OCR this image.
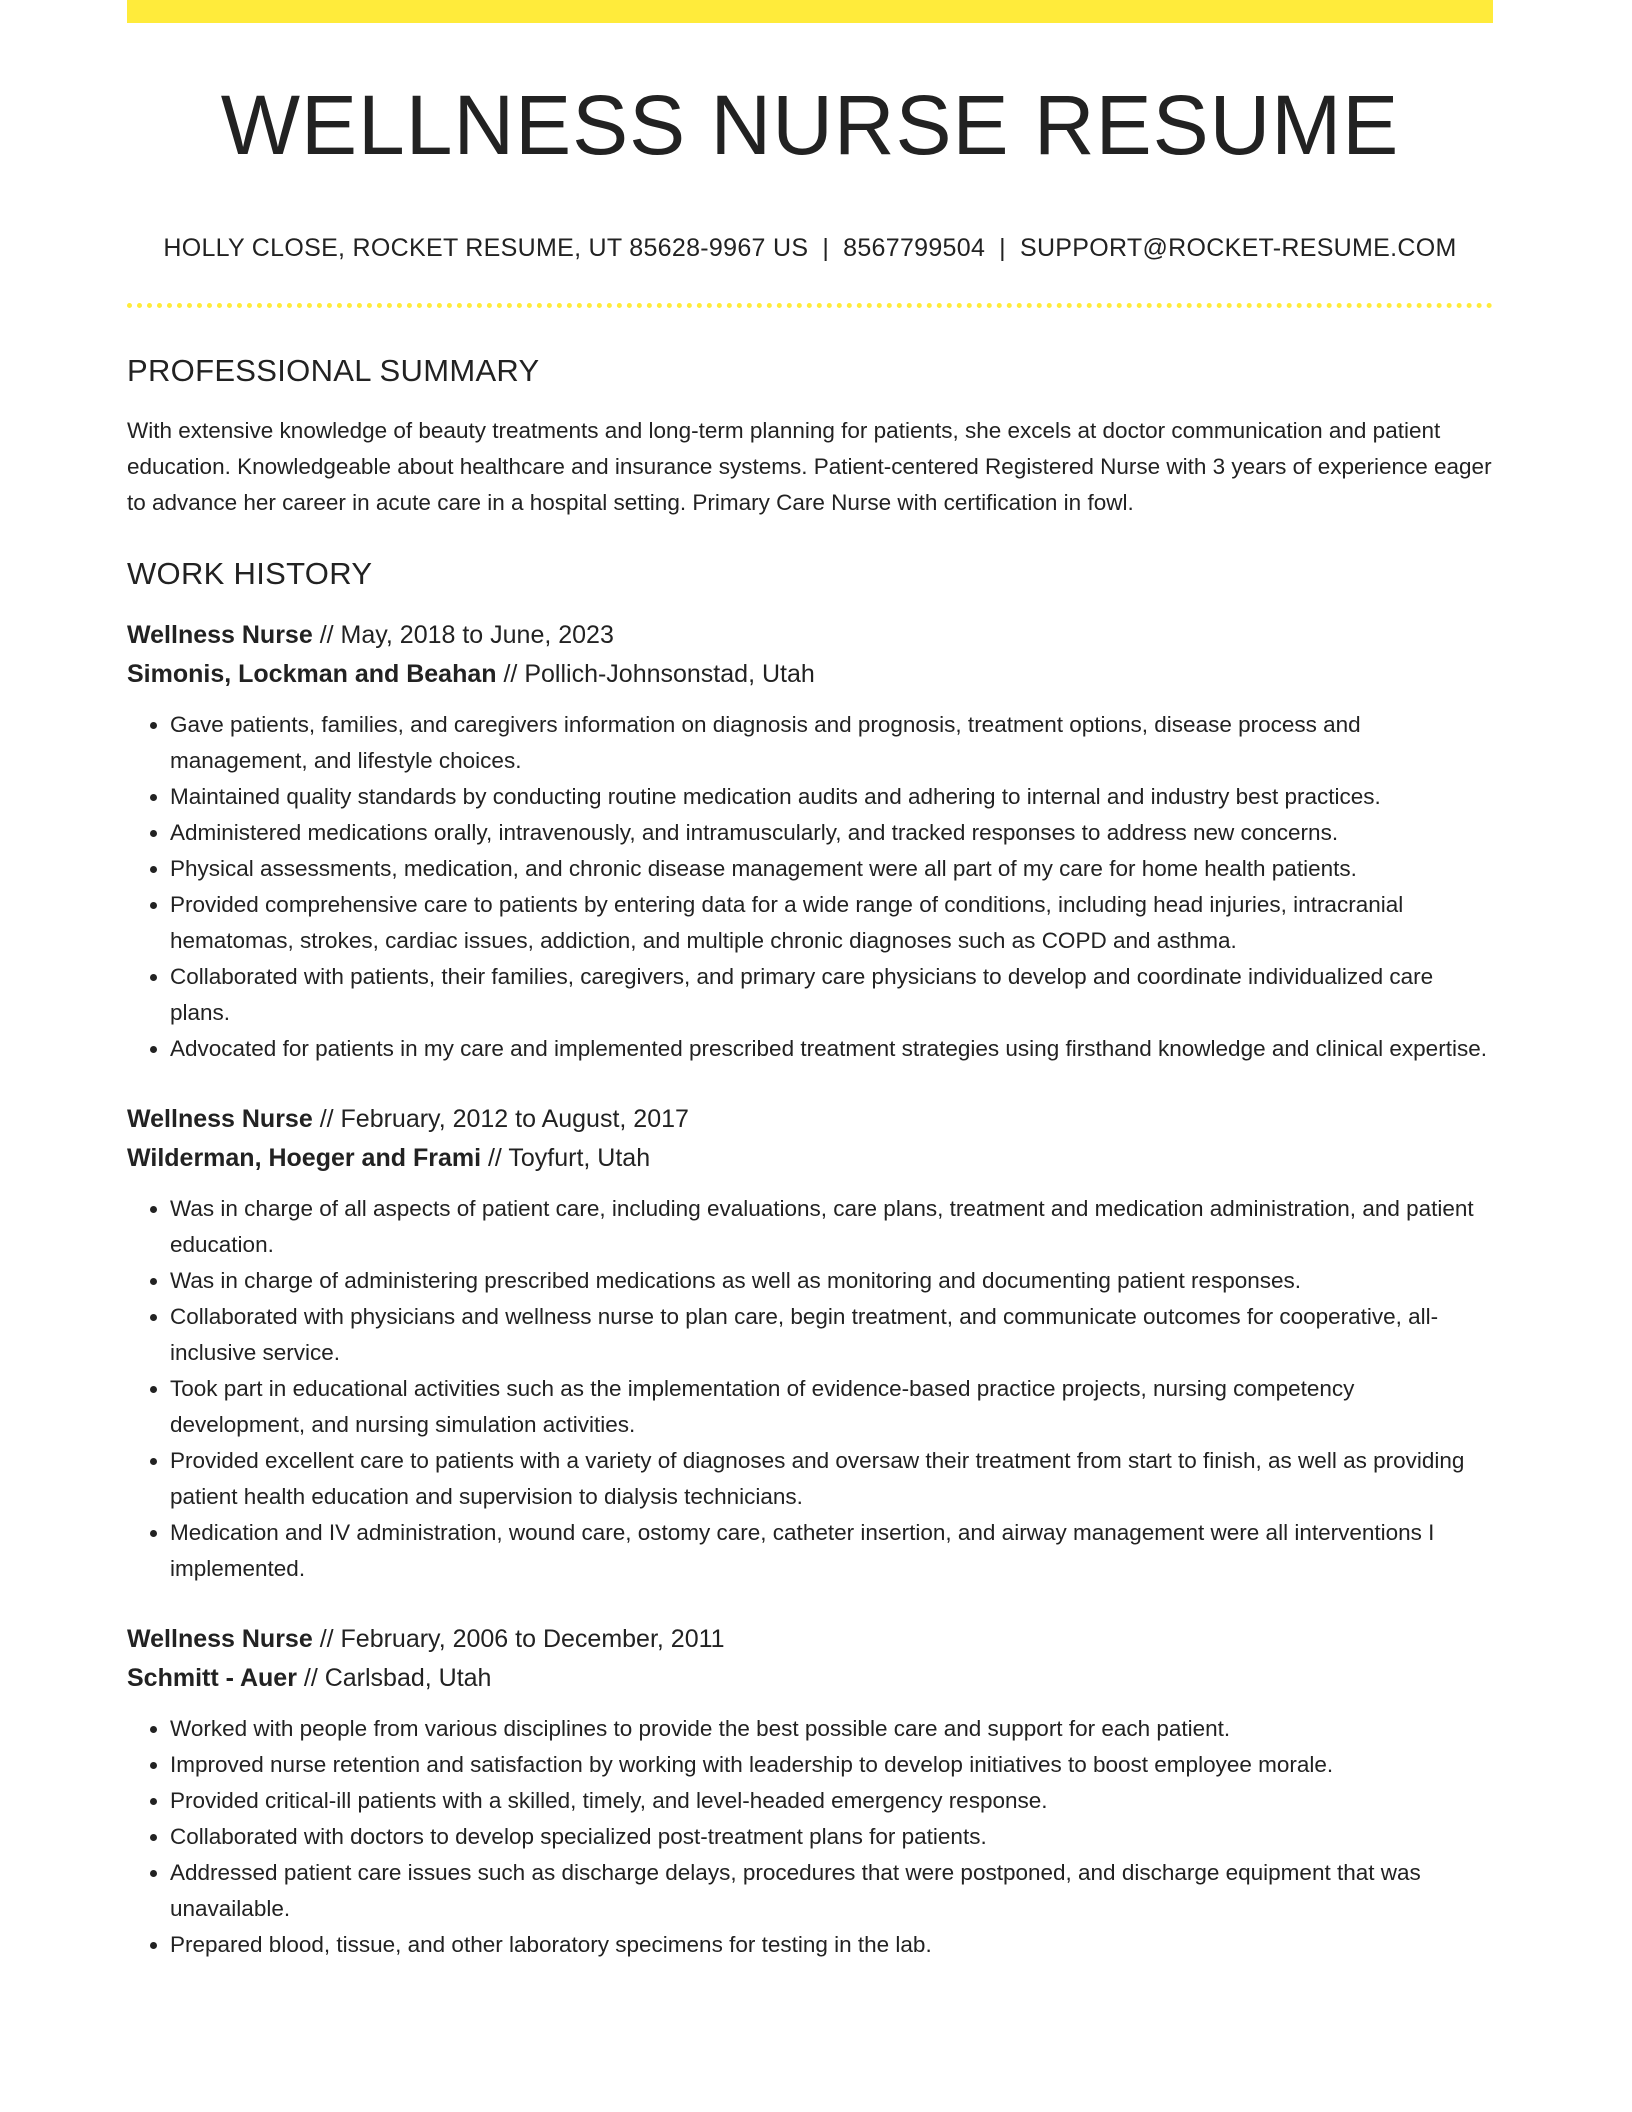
WELLNESS NURSE RESUME
HOLLY CLOSE, ROCKET RESUME, UT 85628-9967 US | 8567799504 | SUPPORT@ROCKET-RESUME.COM
PROFESSIONAL SUMMARY

With extensive knowledge of beauty treatments and long-term planning for patients, she excels at doctor communication and patient education. Knowledgeable about healthcare and insurance systems. Patient-centered Registered Nurse with 3 years of experience eager to advance her career in acute care in a hospital setting. Primary Care Nurse with certification in fowl.

WORK HISTORY
Wellness Nurse // May, 2018 to June, 2023
Simonis, Lockman and Beahan // Pollich-Johnsonstad, Utah
• Gave patients, families, and caregivers information on diagnosis and prognosis, treatment options, disease process and management, and lifestyle choices.
• Maintained quality standards by conducting routine medication audits and adhering to internal and industry best practices.
• Administered medications orally, intravenously, and intramuscularly, and tracked responses to address new concerns.
• Physical assessments, medication, and chronic disease management were all part of my care for home health patients.
• Provided comprehensive care to patients by entering data for a wide range of conditions, including head injuries, intracranial hematomas, strokes, cardiac issues, addiction, and multiple chronic diagnoses such as COPD and asthma.
• Collaborated with patients, their families, caregivers, and primary care physicians to develop and coordinate individualized care plans.
• Advocated for patients in my care and implemented prescribed treatment strategies using firsthand knowledge and clinical expertise.
Wellness Nurse // February, 2012 to August, 2017
Wilderman, Hoeger and Frami // Toyfurt, Utah
• Was in charge of all aspects of patient care, including evaluations, care plans, treatment and medication administration, and patient education.
• Was in charge of administering prescribed medications as well as monitoring and documenting patient responses.
• Collaborated with physicians and wellness nurse to plan care, begin treatment, and communicate outcomes for cooperative, all-inclusive service.
• Took part in educational activities such as the implementation of evidence-based practice projects, nursing competency development, and nursing simulation activities.
• Provided excellent care to patients with a variety of diagnoses and oversaw their treatment from start to finish, as well as providing patient health education and supervision to dialysis technicians.
• Medication and IV administration, wound care, ostomy care, catheter insertion, and airway management were all interventions I implemented.
Wellness Nurse // February, 2006 to December, 2011
Schmitt - Auer // Carlsbad, Utah
• Worked with people from various disciplines to provide the best possible care and support for each patient.
• Improved nurse retention and satisfaction by working with leadership to develop initiatives to boost employee morale.
• Provided critical-ill patients with a skilled, timely, and level-headed emergency response.
• Collaborated with doctors to develop specialized post-treatment plans for patients.
• Addressed patient care issues such as discharge delays, procedures that were postponed, and discharge equipment that was unavailable.
• Prepared blood, tissue, and other laboratory specimens for testing in the lab.
